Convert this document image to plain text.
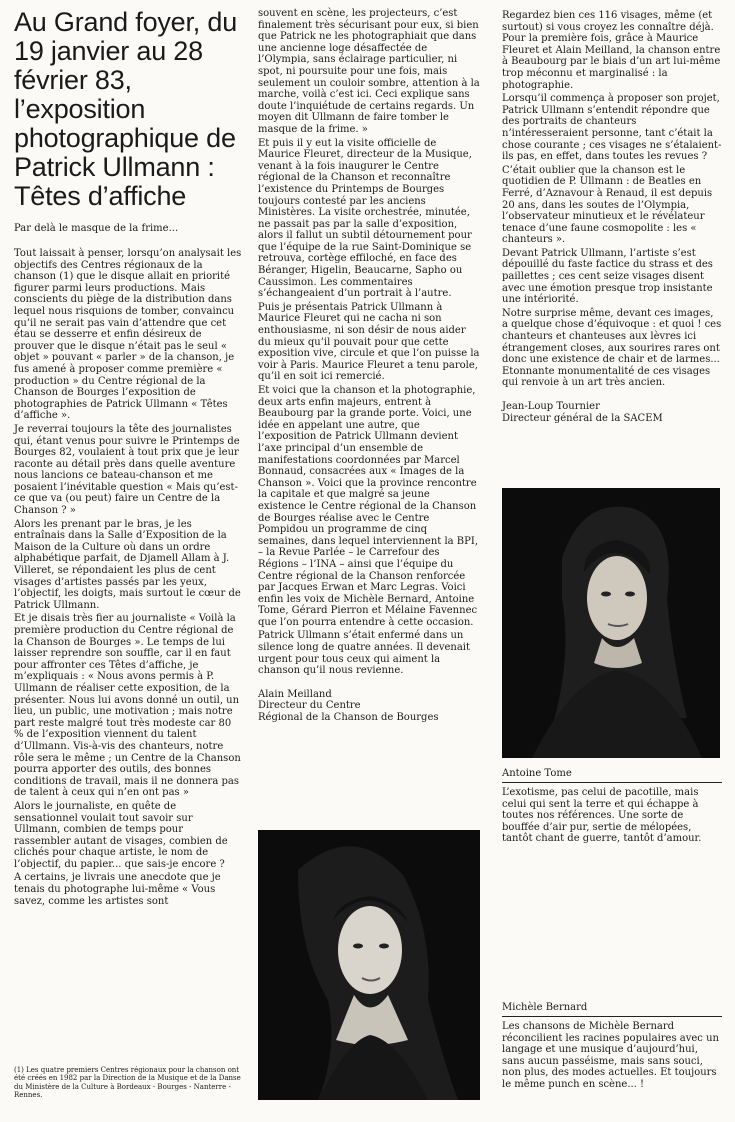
Au Grand foyer, du 19 janvier au 28 février 83, l’exposition photographique de Patrick Ullmann : Têtes d’affiche
Par delà le masque de la frime...

Tout laissait à penser, lorsqu’on analysait les objectifs des Centres régionaux de la chanson (1) que le disque allait en priorité figurer parmi leurs productions. Mais conscients du piège de la distribution dans lequel nous risquions de tomber, convaincu qu’il ne serait pas vain d’attendre que cet étau se desserre et enfin désireux de prouver que le disque n’était pas le seul « objet » pouvant « parler » de la chanson, je fus amené à proposer comme première « production » du Centre régional de la Chanson de Bourges l’exposition de photographies de Patrick Ullmann « Têtes d’affiche ».

Je reverrai toujours la tête des journalistes qui, étant venus pour suivre le Printemps de Bourges 82, voulaient à tout prix que je leur raconte au détail près dans quelle aventure nous lancions ce bateau-chanson et me posaient l’inévitable question « Mais qu’est-ce que va (ou peut) faire un Centre de la Chanson ? »

Alors les prenant par le bras, je les entraînais dans la Salle d’Exposition de la Maison de la Culture où dans un ordre alphabétique parfait, de Djamell Allam à J. Villeret, se répondaient les plus de cent visages d’artistes passés par les yeux, l’objectif, les doigts, mais surtout le cœur de Patrick Ullmann.

Et je disais très fier au journaliste « Voilà la première production du Centre régional de la Chanson de Bourges ». Le temps de lui laisser reprendre son souffle, car il en faut pour affronter ces Têtes d’affiche, je m’expliquais : « Nous avons permis à P. Ullmann de réaliser cette exposition, de la présenter. Nous lui avons donné un outil, un lieu, un public, une motivation ; mais notre part reste malgré tout très modeste car 80 % de l’exposition viennent du talent d’Ullmann. Vis-à-vis des chanteurs, notre rôle sera le même ; un Centre de la Chanson pourra apporter des outils, des bonnes conditions de travail, mais il ne donnera pas de talent à ceux qui n’en ont pas »

Alors le journaliste, en quête de sensationnel voulait tout savoir sur Ullmann, combien de temps pour rassembler autant de visages, combien de clichés pour chaque artiste, le nom de l’objectif, du papier... que sais-je encore ?

A certains, je livrais une anecdote que je tenais du photographe lui-même « Vous savez, comme les artistes sont

(1) Les quatre premiers Centres régionaux pour la chanson ont été créés en 1982 par la Direction de la Musique et de la Danse du Ministère de la Culture à Bordeaux - Bourges - Nanterre - Rennes.

souvent en scène, les projecteurs, c’est finalement très sécurisant pour eux, si bien que Patrick ne les photographiait que dans une ancienne loge désaffectée de l’Olympia, sans éclairage particulier, ni spot, ni poursuite pour une fois, mais seulement un couloir sombre, attention à la marche, voilà c’est ici. Ceci explique sans doute l’inquiétude de certains regards. Un moyen dit Ullmann de faire tomber le masque de la frime. »

Et puis il y eut la visite officielle de Maurice Fleuret, directeur de la Musique, venant à la fois inaugurer le Centre régional de la Chanson et reconnaître l’existence du Printemps de Bourges toujours contesté par les anciens Ministères. La visite orchestrée, minutée, ne passait pas par la salle d’exposition, alors il fallut un subtil détournement pour que l’équipe de la rue Saint-Dominique se retrouva, cortège effiloché, en face des Béranger, Higelin, Beaucarne, Sapho ou Caussimon. Les commentaires s’échangeaient d’un portrait à l’autre.

Puis je présentais Patrick Ullmann à Maurice Fleuret qui ne cacha ni son enthousiasme, ni son désir de nous aider du mieux qu’il pouvait pour que cette exposition vive, circule et que l’on puisse la voir à Paris. Maurice Fleuret a tenu parole, qu’il en soit ici remercié.

Et voici que la chanson et la photographie, deux arts enfin majeurs, entrent à Beaubourg par la grande porte. Voici, une idée en appelant une autre, que l’exposition de Patrick Ullmann devient l’axe principal d’un ensemble de manifestations coordonnées par Marcel Bonnaud, consacrées aux « Images de la Chanson ». Voici que la province rencontre la capitale et que malgré sa jeune existence le Centre régional de la Chanson de Bourges réalise avec le Centre Pompidou un programme de cinq semaines, dans lequel interviennent la BPI, – la Revue Parlée – le Carrefour des Régions – l’INA – ainsi que l’équipe du Centre régional de la Chanson renforcée par Jacques Erwan et Marc Legras. Voici enfin les voix de Michèle Bernard, Antoine Tome, Gérard Pierron et Mélaine Favennec que l’on pourra entendre à cette occasion.

Patrick Ullmann s’était enfermé dans un silence long de quatre années. Il devenait urgent pour tous ceux qui aiment la chanson qu’il nous revienne.

Alain Meilland
Directeur du Centre
Régional de la Chanson de Bourges

Regardez bien ces 116 visages, même (et surtout) si vous croyez les connaître déjà. Pour la première fois, grâce à Maurice Fleuret et Alain Meilland, la chanson entre à Beaubourg par le biais d’un art lui-même trop méconnu et marginalisé : la photographie.

Lorsqu’il commença à proposer son projet, Patrick Ullmann s’entendit répondre que des portraits de chanteurs n’intéresseraient personne, tant c’était la chose courante ; ces visages ne s’étalaient-ils pas, en effet, dans toutes les revues ?

C’était oublier que la chanson est le quotidien de P. Ullmann : de Beatles en Ferré, d’Aznavour à Renaud, il est depuis 20 ans, dans les soutes de l’Olympia, l’observateur minutieux et le révélateur tenace d’une faune cosmopolite : les « chanteurs ».

Devant Patrick Ullmann, l’artiste s’est dépouillé du faste factice du strass et des paillettes ; ces cent seize visages disent avec une émotion presque trop insistante une intériorité.

Notre surprise même, devant ces images, a quelque chose d’équivoque : et quoi ! ces chanteurs et chanteuses aux lèvres ici étrangement closes, aux sourires rares ont donc une existence de chair et de larmes... Etonnante monumentalité de ces visages qui renvoie à un art très ancien.

Jean-Loup Tournier
Directeur général de la SACEM
Antoine Tome

L’exotisme, pas celui de pacotille, mais celui qui sent la terre et qui échappe à toutes nos références. Une sorte de bouffée d’air pur, sertie de mélopées, tantôt chant de guerre, tantôt d’amour.

Michèle Bernard

Les chansons de Michèle Bernard réconcilient les racines populaires avec un langage et une musique d’aujourd’hui, sans aucun passéisme, mais sans souci, non plus, des modes actuelles. Et toujours le même punch en scène... !
